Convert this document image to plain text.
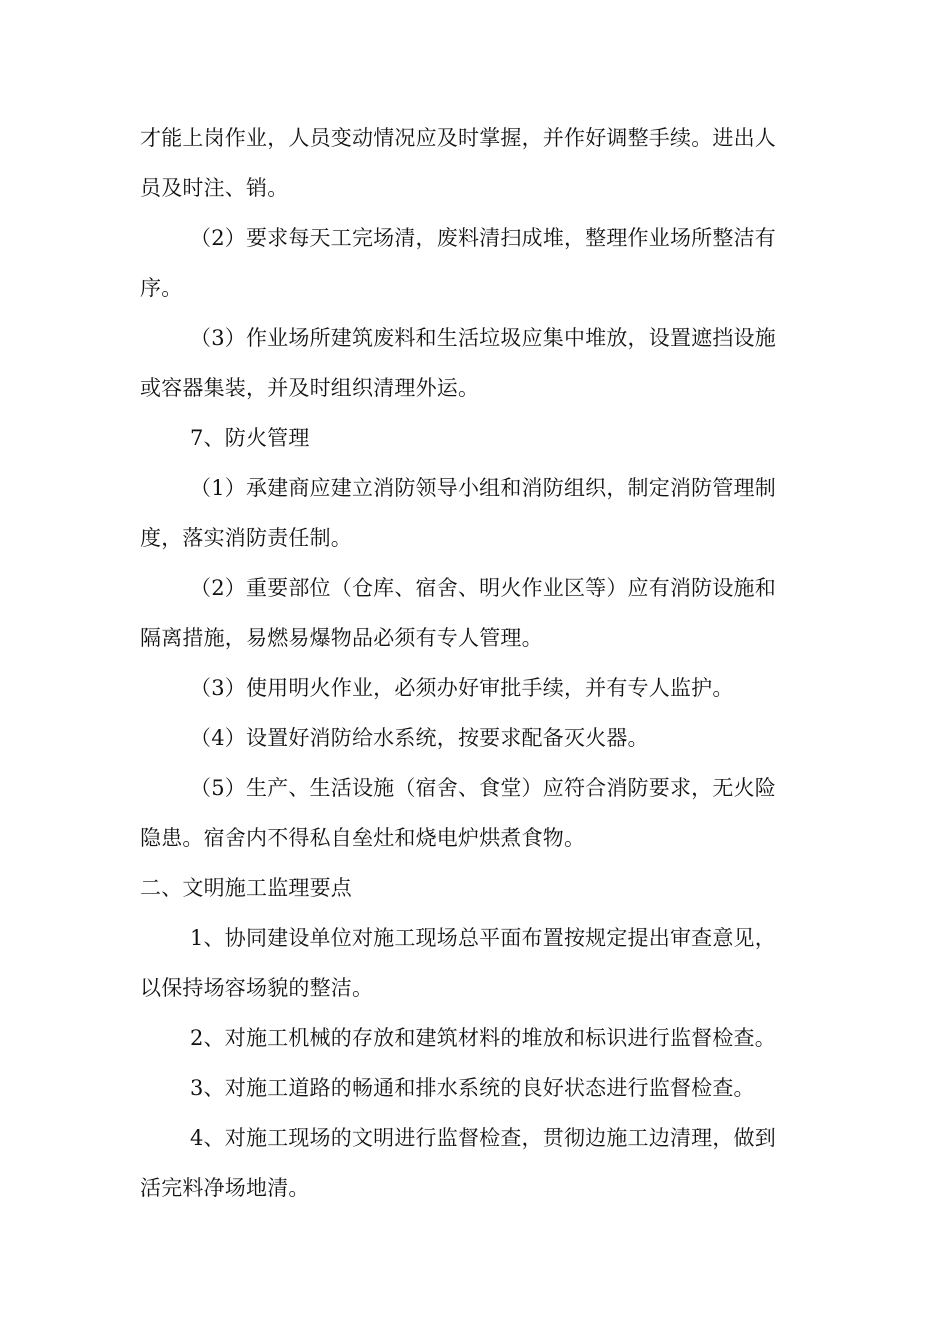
才能上岗作业，人员变动情况应及时掌握，并作好调整手续。进出人
员及时注、销。
（2）要求每天工完场清，废料清扫成堆，整理作业场所整洁有
序。
（3）作业场所建筑废料和生活垃圾应集中堆放，设置遮挡设施
或容器集装，并及时组织清理外运。
7、防火管理
（1）承建商应建立消防领导小组和消防组织，制定消防管理制
度，落实消防责任制。
（2）重要部位（仓库、宿舍、明火作业区等）应有消防设施和
隔离措施，易燃易爆物品必须有专人管理。
（3）使用明火作业，必须办好审批手续，并有专人监护。
（4）设置好消防给水系统，按要求配备灭火器。
（5）生产、生活设施（宿舍、食堂）应符合消防要求，无火险
隐患。宿舍内不得私自垒灶和烧电炉烘煮食物。
二、文明施工监理要点
1、协同建设单位对施工现场总平面布置按规定提出审查意见，
以保持场容场貌的整洁。
2、对施工机械的存放和建筑材料的堆放和标识进行监督检查。
3、对施工道路的畅通和排水系统的良好状态进行监督检查。
4、对施工现场的文明进行监督检查，贯彻边施工边清理，做到
活完料净场地清。
